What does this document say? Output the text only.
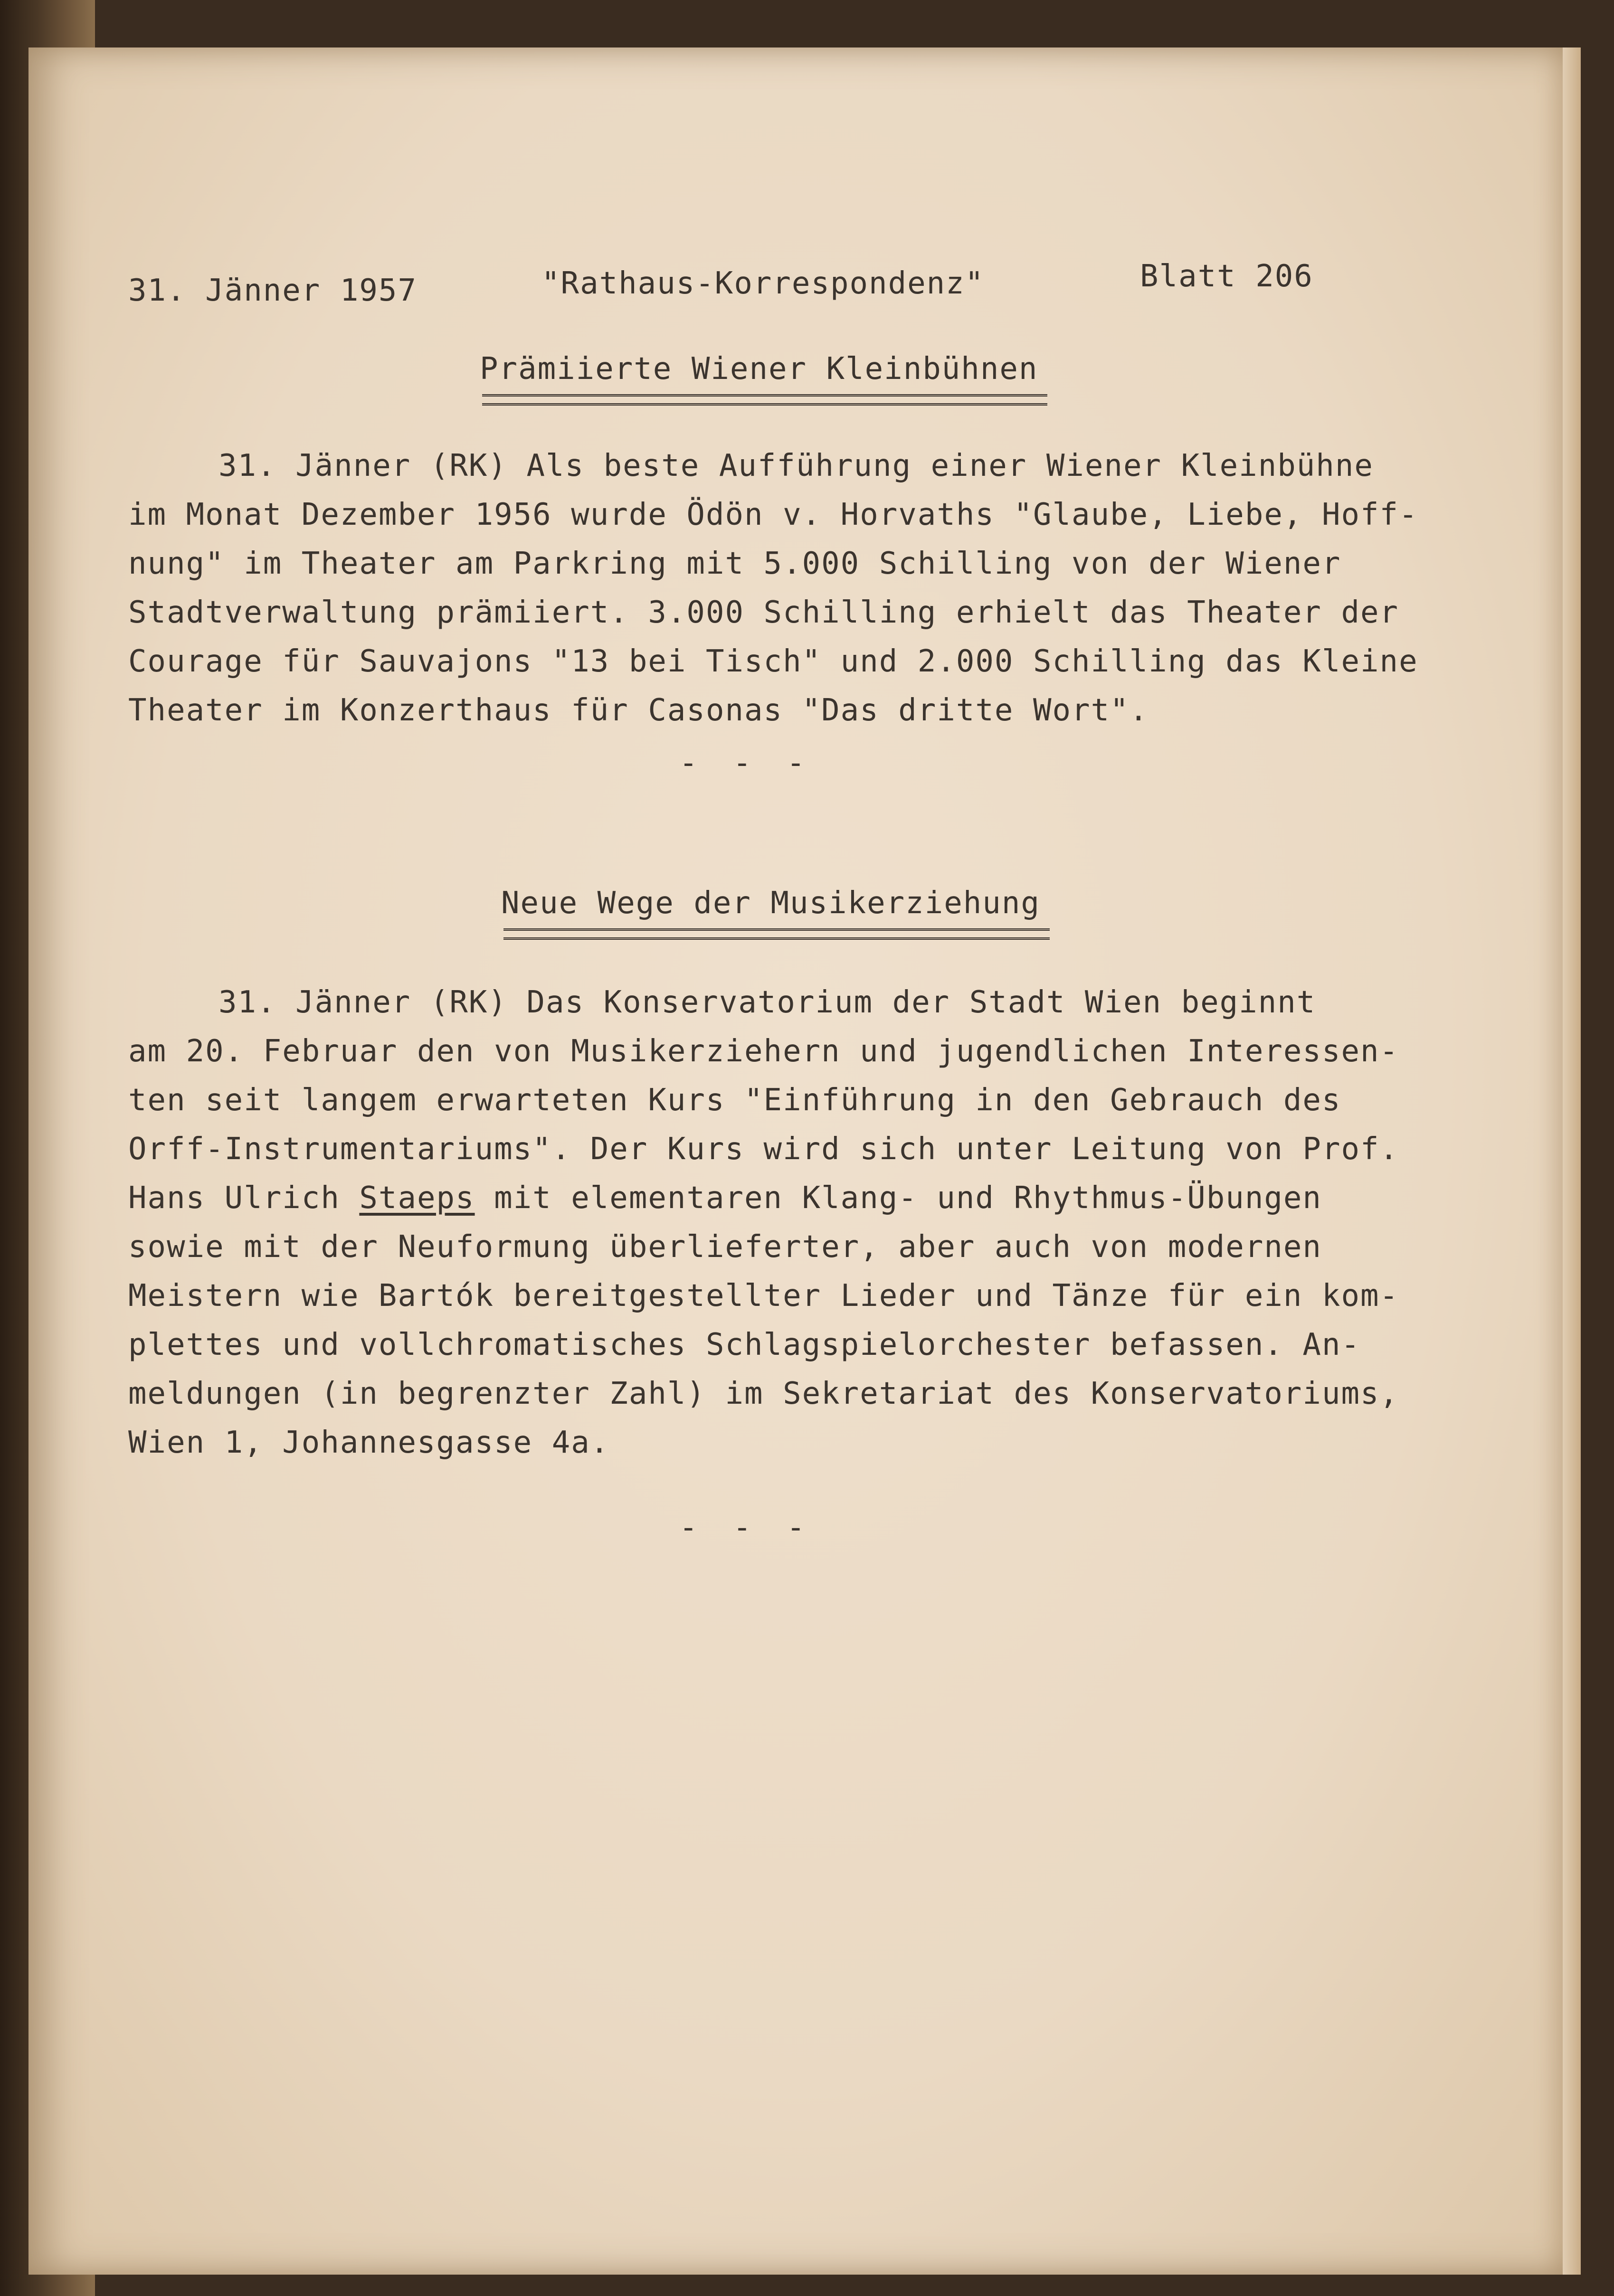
31. Jänner 1957	"Rathaus-Korrespondenz"	Blatt 206
Prämiierte Wiener Kleinbühnen
31. Jänner (RK) Als beste Aufführung einer Wiener Kleinbühne
im Monat Dezember 1956 wurde Ödön v. Horvaths "Glaube, Liebe, Hoff-
nung" im Theater am Parkring mit 5.000 Schilling von der Wiener
Stadtverwaltung prämiiert. 3.000 Schilling erhielt das Theater der
Courage für Sauvajons "13 bei Tisch" und 2.000 Schilling das Kleine
Theater im Konzerthaus für Casonas "Das dritte Wort".
- - -
Neue Wege der Musikerziehung
31. Jänner (RK) Das Konservatorium der Stadt Wien beginnt
am 20. Februar den von Musikerziehern und jugendlichen Interessen-
ten seit langem erwarteten Kurs "Einführung in den Gebrauch des
Orff-Instrumentariums". Der Kurs wird sich unter Leitung von Prof.
Hans Ulrich Staeps mit elementaren Klang- und Rhythmus-Übungen
sowie mit der Neuformung überlieferter, aber auch von modernen
Meistern wie Bartók bereitgestellter Lieder und Tänze für ein kom-
plettes und vollchromatisches Schlagspielorchester befassen. An-
meldungen (in begrenzter Zahl) im Sekretariat des Konservatoriums,
Wien 1, Johannesgasse 4a.
- - -
